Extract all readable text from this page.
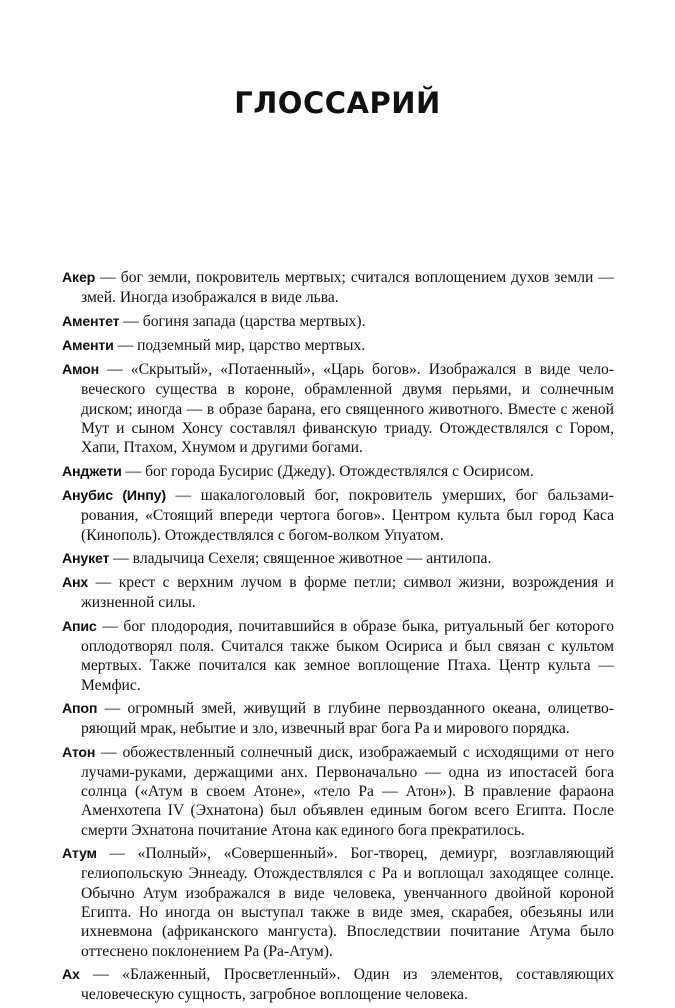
ГЛОССАРИЙ

Акер — бог земли, покровитель мертвых; считался воплощением духов земли — змей. Иногда изображался в виде льва.

Аментет — богиня запада (царства мертвых).

Аменти — подземный мир, царство мертвых.

Амон — «Скрытый», «Потаенный», «Царь богов». Изображался в виде человеческого существа в короне, обрамленной двумя перьями, и солнечным диском; иногда — в образе барана, его священного животного. Вместе с женой Мут и сыном Хонсу составлял фиванскую триаду. Отождествлялся с Гором, Хапи, Птахом, Хнумом и другими богами.

Анджети — бог города Бусирис (Джеду). Отождествлялся с Осирисом.

Анубис (Инпу) — шакалоголовый бог, покровитель умерших, бог бальзамирования, «Стоящий впереди чертога богов». Центром культа был город Каса (Кинополь). Отождествлялся с богом-волком Упуатом.

Анукет — владычица Сехеля; священное животное — антилопа.

Анх — крест с верхним лучом в форме петли; символ жизни, возрождения и жизненной силы.

Апис — бог плодородия, почитавшийся в образе быка, ритуальный бег которого оплодотворял поля. Считался также быком Осириса и был связан с культом мертвых. Также почитался как земное воплощение Птаха. Центр культа — Мемфис.

Апоп — огромный змей, живущий в глубине первозданного океана, олицетворяющий мрак, небытие и зло, извечный враг бога Ра и мирового порядка.

Атон — обожествленный солнечный диск, изображаемый с исходящими от него лучами-руками, держащими анх. Первоначально — одна из ипостасей бога солнца («Атум в своем Атоне», «тело Ра — Атон»). В правление фараона Аменхотепа IV (Эхнатона) был объявлен единым богом всего Египта. После смерти Эхнатона почитание Атона как единого бога прекратилось.

Атум — «Полный», «Совершенный». Бог-творец, демиург, возглавляющий гелиопольскую Эннеаду. Отождествлялся с Ра и воплощал заходящее солнце. Обычно Атум изображался в виде человека, увенчанного двойной короной Египта. Но иногда он выступал также в виде змея, скарабея, обезьяны или ихневмона (африканского мангуста). Впоследствии почитание Атума было оттеснено поклонением Ра (Ра-Атум).

Ах — «Блаженный, Просветленный». Один из элементов, составляющих человеческую сущность, загробное воплощение человека.
